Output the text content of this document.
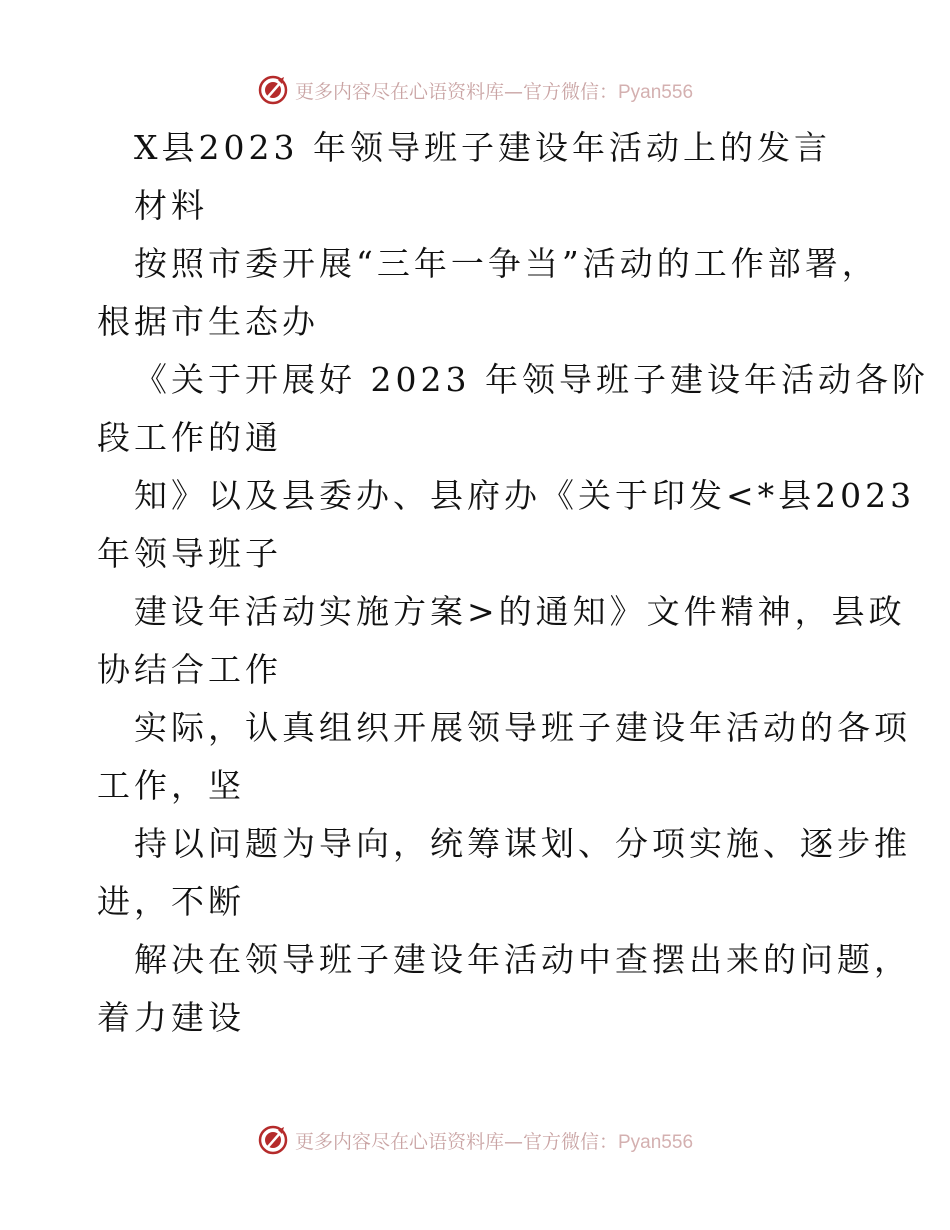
更多内容尽在心语资料库—官方微信：Pyan556
X县2023 年领导班子建设年活动上的发言
材料
按照市委开展“三年一争当”活动的工作部署，
根据市生态办
《关于开展好 2023 年领导班子建设年活动各阶
段工作的通
知》以及县委办、县府办《关于印发<*县2023
年领导班子
建设年活动实施方案>的通知》文件精神，县政
协结合工作
实际，认真组织开展领导班子建设年活动的各项
工作，坚
持以问题为导向，统筹谋划、分项实施、逐步推
进，不断
解决在领导班子建设年活动中查摆出来的问题，
着力建设
更多内容尽在心语资料库—官方微信：Pyan556
